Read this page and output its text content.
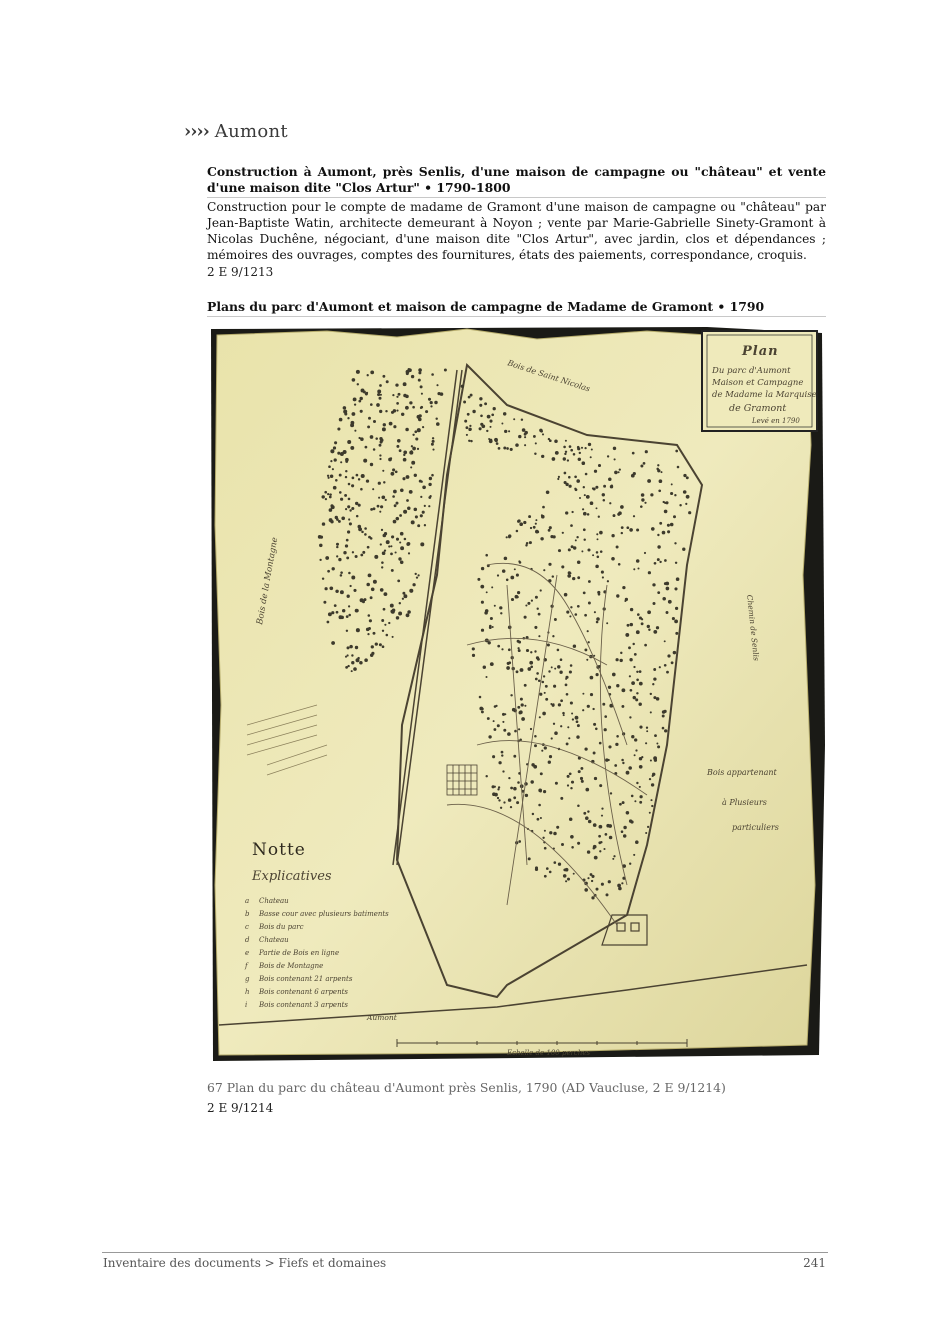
›››› Aumont
Construction à Aumont, près Senlis, d'une maison de campagne ou "château" et vente d'une maison dite "Clos Artur" • 1790-1800
Construction pour le compte de madame de Gramont d'une maison de campagne ou "château" par Jean-Baptiste Watin, architecte demeurant à Noyon ; vente par Marie-Gabrielle Sinety-Gramont à Nicolas Duchêne, négociant, d'une maison dite "Clos Artur", avec jardin, clos et dépendances ; mémoires des ouvrages, comptes des fournitures, états des paiements, correspondance, croquis.
2 E 9/1213
Plans du parc d'Aumont et maison de campagne de Madame de Gramont • 1790
Plan
Du parc d'Aumont
Maison et Campagne
de Madame la Marquise
de Gramont
Levé en 1790
Notte
Explicatives
a Chateau
b Basse cour avec plusieurs batiments
c Bois du parc
d Chateau
e Partie de Bois en ligne
f Bois de Montagne
g Bois contenant 21 arpents
h Bois contenant 6 arpents
i Bois contenant 3 arpents
Bois de Saint Nicolas
Bois de la Montagne
Bois appartenant
à Plusieurs
particuliers
Chemin de Senlis
Aumont
Echelle de 100 perches
67 Plan du parc du château d'Aumont près Senlis, 1790 (AD Vaucluse, 2 E 9/1214)
2 E 9/1214
Inventaire des documents > Fiefs et domaines	241
